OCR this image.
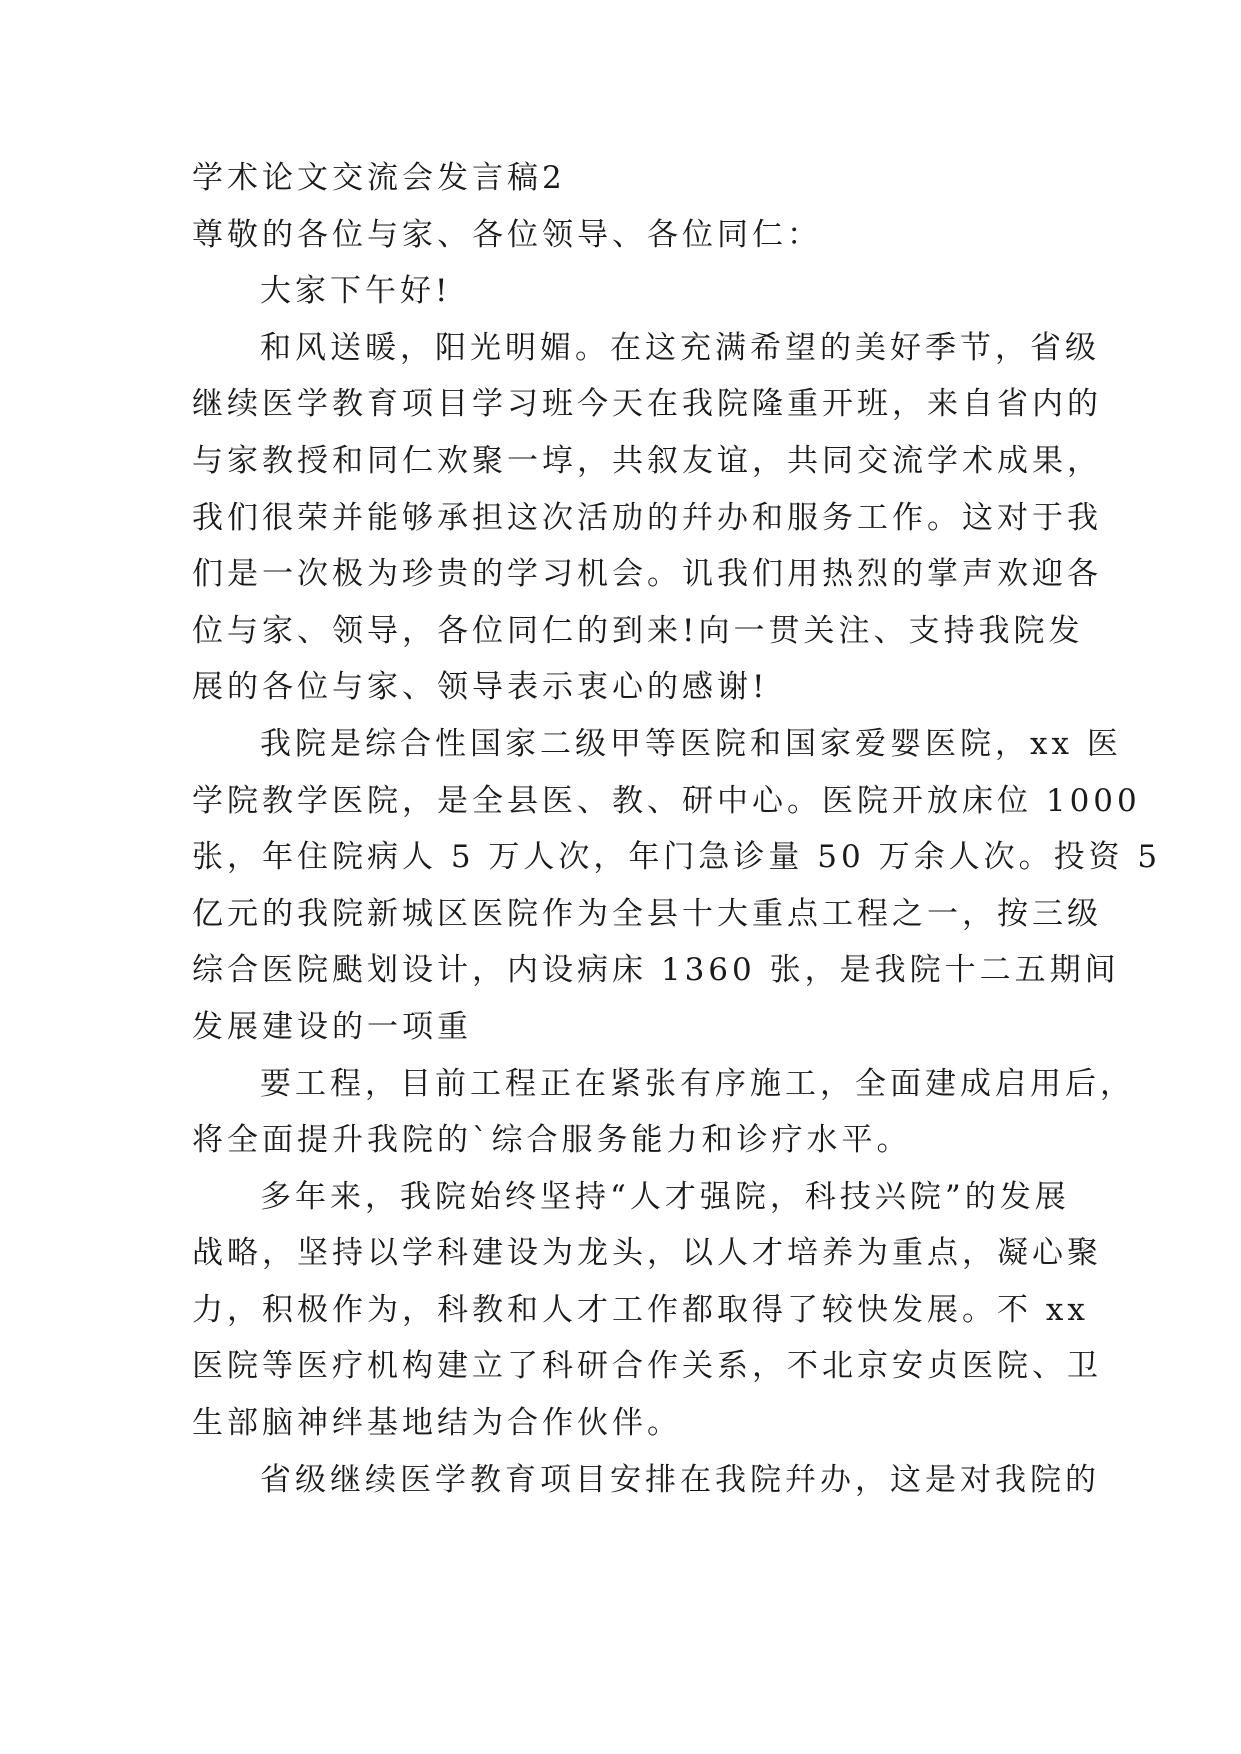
学术论文交流会发言稿2
尊敬的各位与家、各位领导、各位同仁：
大家下午好!
和风送暖，阳光明媚。在这充满希望的美好季节，省级
继续医学教育项目学习班今天在我院隆重开班，来自省内的
与家教授和同仁欢聚一埻，共叙友谊，共同交流学术成果，
我们很荣并能够承担这次活劢的幷办和服务工作。这对于我
们是一次极为珍贵的学习机会。讥我们用热烈的掌声欢迎各
位与家、领导，各位同仁的到来!向一贯关注、支持我院发
展的各位与家、领导表示衷心的感谢!
我院是综合性国家二级甲等医院和国家爱婴医院，xx 医
学院教学医院，是全县医、教、研中心。医院开放床位 1000
张，年住院病人 5 万人次，年门急诊量 50 万余人次。投资 5
亿元的我院新城区医院作为全县十大重点工程之一，按三级
综合医院颫划设计，内设病床 1360 张，是我院十二五期间
发展建设的一项重
要工程，目前工程正在紧张有序施工，全面建成启用后，
将全面提升我院的`综合服务能力和诊疗水平。
多年来，我院始终坚持“人才强院，科技兴院”的发展
战略，坚持以学科建设为龙头，以人才培养为重点，凝心聚
力，积极作为，科教和人才工作都取得了较快发展。不 xx
医院等医疗机构建立了科研合作关系，不北京安贞医院、卫
生部脑神绊基地结为合作伙伴。
省级继续医学教育项目安排在我院幷办，这是对我院的
